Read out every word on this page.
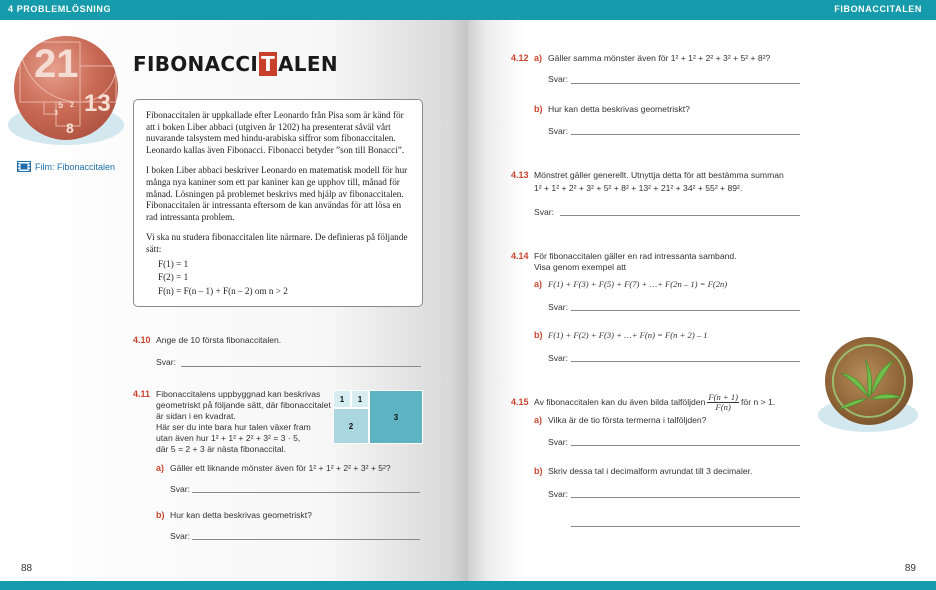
4 PROBLEMLÖSNING
21
13
8
5
3
2
Film: Fibonaccitalen
FIBONACCI T ALEN

Fibonaccitalen är uppkallade efter Leonardo från Pisa som är känd för att i boken Liber abbaci (utgiven år 1202) ha presenterat såväl vårt nuvarande talsystem med hindu-arabiska siffror som fibonaccitalen. Leonardo kallas även Fibonacci. Fibonacci betyder ”son till Bonacci”.

I boken Liber abbaci beskriver Leonardo en matematisk modell för hur många nya kaniner som ett par kaniner kan ge upphov till, månad för månad. Lösningen på problemet beskrivs med hjälp av fibonaccitalen. Fibonaccitalen är intressanta eftersom de kan användas för att lösa en rad intressanta problem.

Vi ska nu studera fibonaccitalen lite närmare. De definieras på följande sätt:

F(1) = 1
F(2) = 1
F(n) = F(n – 1) + F(n – 2) om n > 2
4.10 Ange de 10 första fibonaccitalen.
Svar:
4.11 Fibonaccitalens uppbyggnad kan beskrivas
geometriskt på följande sätt, där fibonaccitalet
är sidan i en kvadrat.
Här ser du inte bara hur talen växer fram
utan även hur 1² + 1² + 2² + 3² = 3 · 5,
där 5 = 2 + 3 är nästa fibonaccital.
1	1
2
3
a) Gäller ett liknande mönster även för 1² + 1² + 2² + 3² + 5²?
Svar:
b) Hur kan detta beskrivas geometriskt?
Svar:
88
FIBONACCITALEN
4.12 a) Gäller samma mönster även för 1² + 1² + 2² + 3² + 5² + 8²?
Svar:
b) Hur kan detta beskrivas geometriskt?
Svar:
4.13 Mönstret gäller generellt. Utnyttja detta för att bestämma summan
1² + 1² + 2² + 3² + 5² + 8² + 13² + 21² + 34² + 55² + 89².
Svar:
4.14 För fibonaccitalen gäller en rad intressanta samband.
Visa genom exempel att
a) F(1) + F(3) + F(5) + F(7) + …+ F(2n – 1) = F(2n)
Svar:
b) F(1) + F(2) + F(3) + …+ F(n) = F(n + 2) – 1
Svar:
4.15 Av fibonaccitalen kan du även bilda talföljden $\frac{F(n + 1)}{F(n)}$ för n > 1.
a) Vilka är de tio första termerna i talföljden?
Svar:
b) Skriv dessa tal i decimalform avrundat till 3 decimaler.
Svar:
89
